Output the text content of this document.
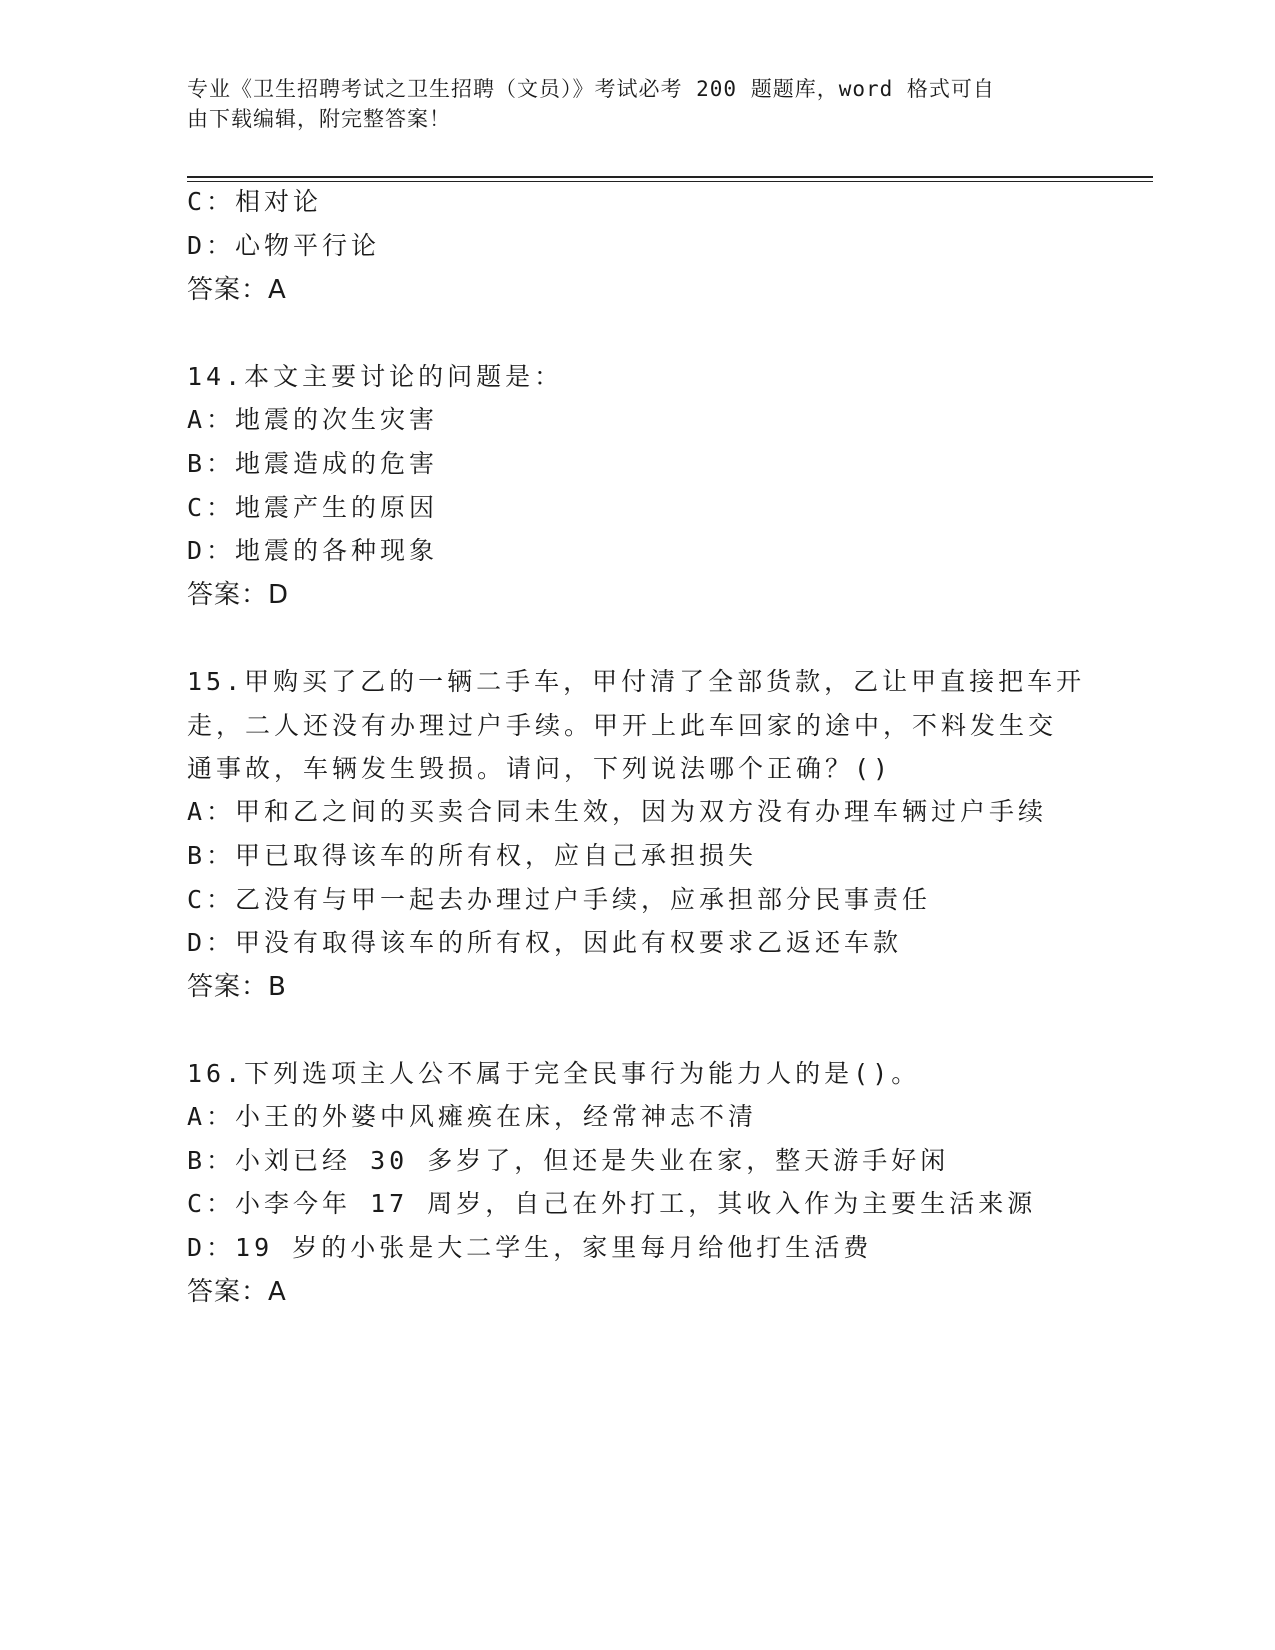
专业《卫生招聘考试之卫生招聘（文员）》考试必考 200 题题库，word 格式可自
由下载编辑，附完整答案！
C：相对论
D：心物平行论
答案：A
14.本文主要讨论的问题是：
A：地震的次生灾害
B：地震造成的危害
C：地震产生的原因
D：地震的各种现象
答案：D
15.甲购买了乙的一辆二手车，甲付清了全部货款，乙让甲直接把车开
走，二人还没有办理过户手续。甲开上此车回家的途中，不料发生交
通事故，车辆发生毁损。请问，下列说法哪个正确？()
A：甲和乙之间的买卖合同未生效，因为双方没有办理车辆过户手续
B：甲已取得该车的所有权，应自己承担损失
C：乙没有与甲一起去办理过户手续，应承担部分民事责任
D：甲没有取得该车的所有权，因此有权要求乙返还车款
答案：B
16.下列选项主人公不属于完全民事行为能力人的是()。
A：小王的外婆中风瘫痪在床，经常神志不清
B：小刘已经 30 多岁了，但还是失业在家，整天游手好闲
C：小李今年 17 周岁，自己在外打工，其收入作为主要生活来源
D：19 岁的小张是大二学生，家里每月给他打生活费
答案：A
